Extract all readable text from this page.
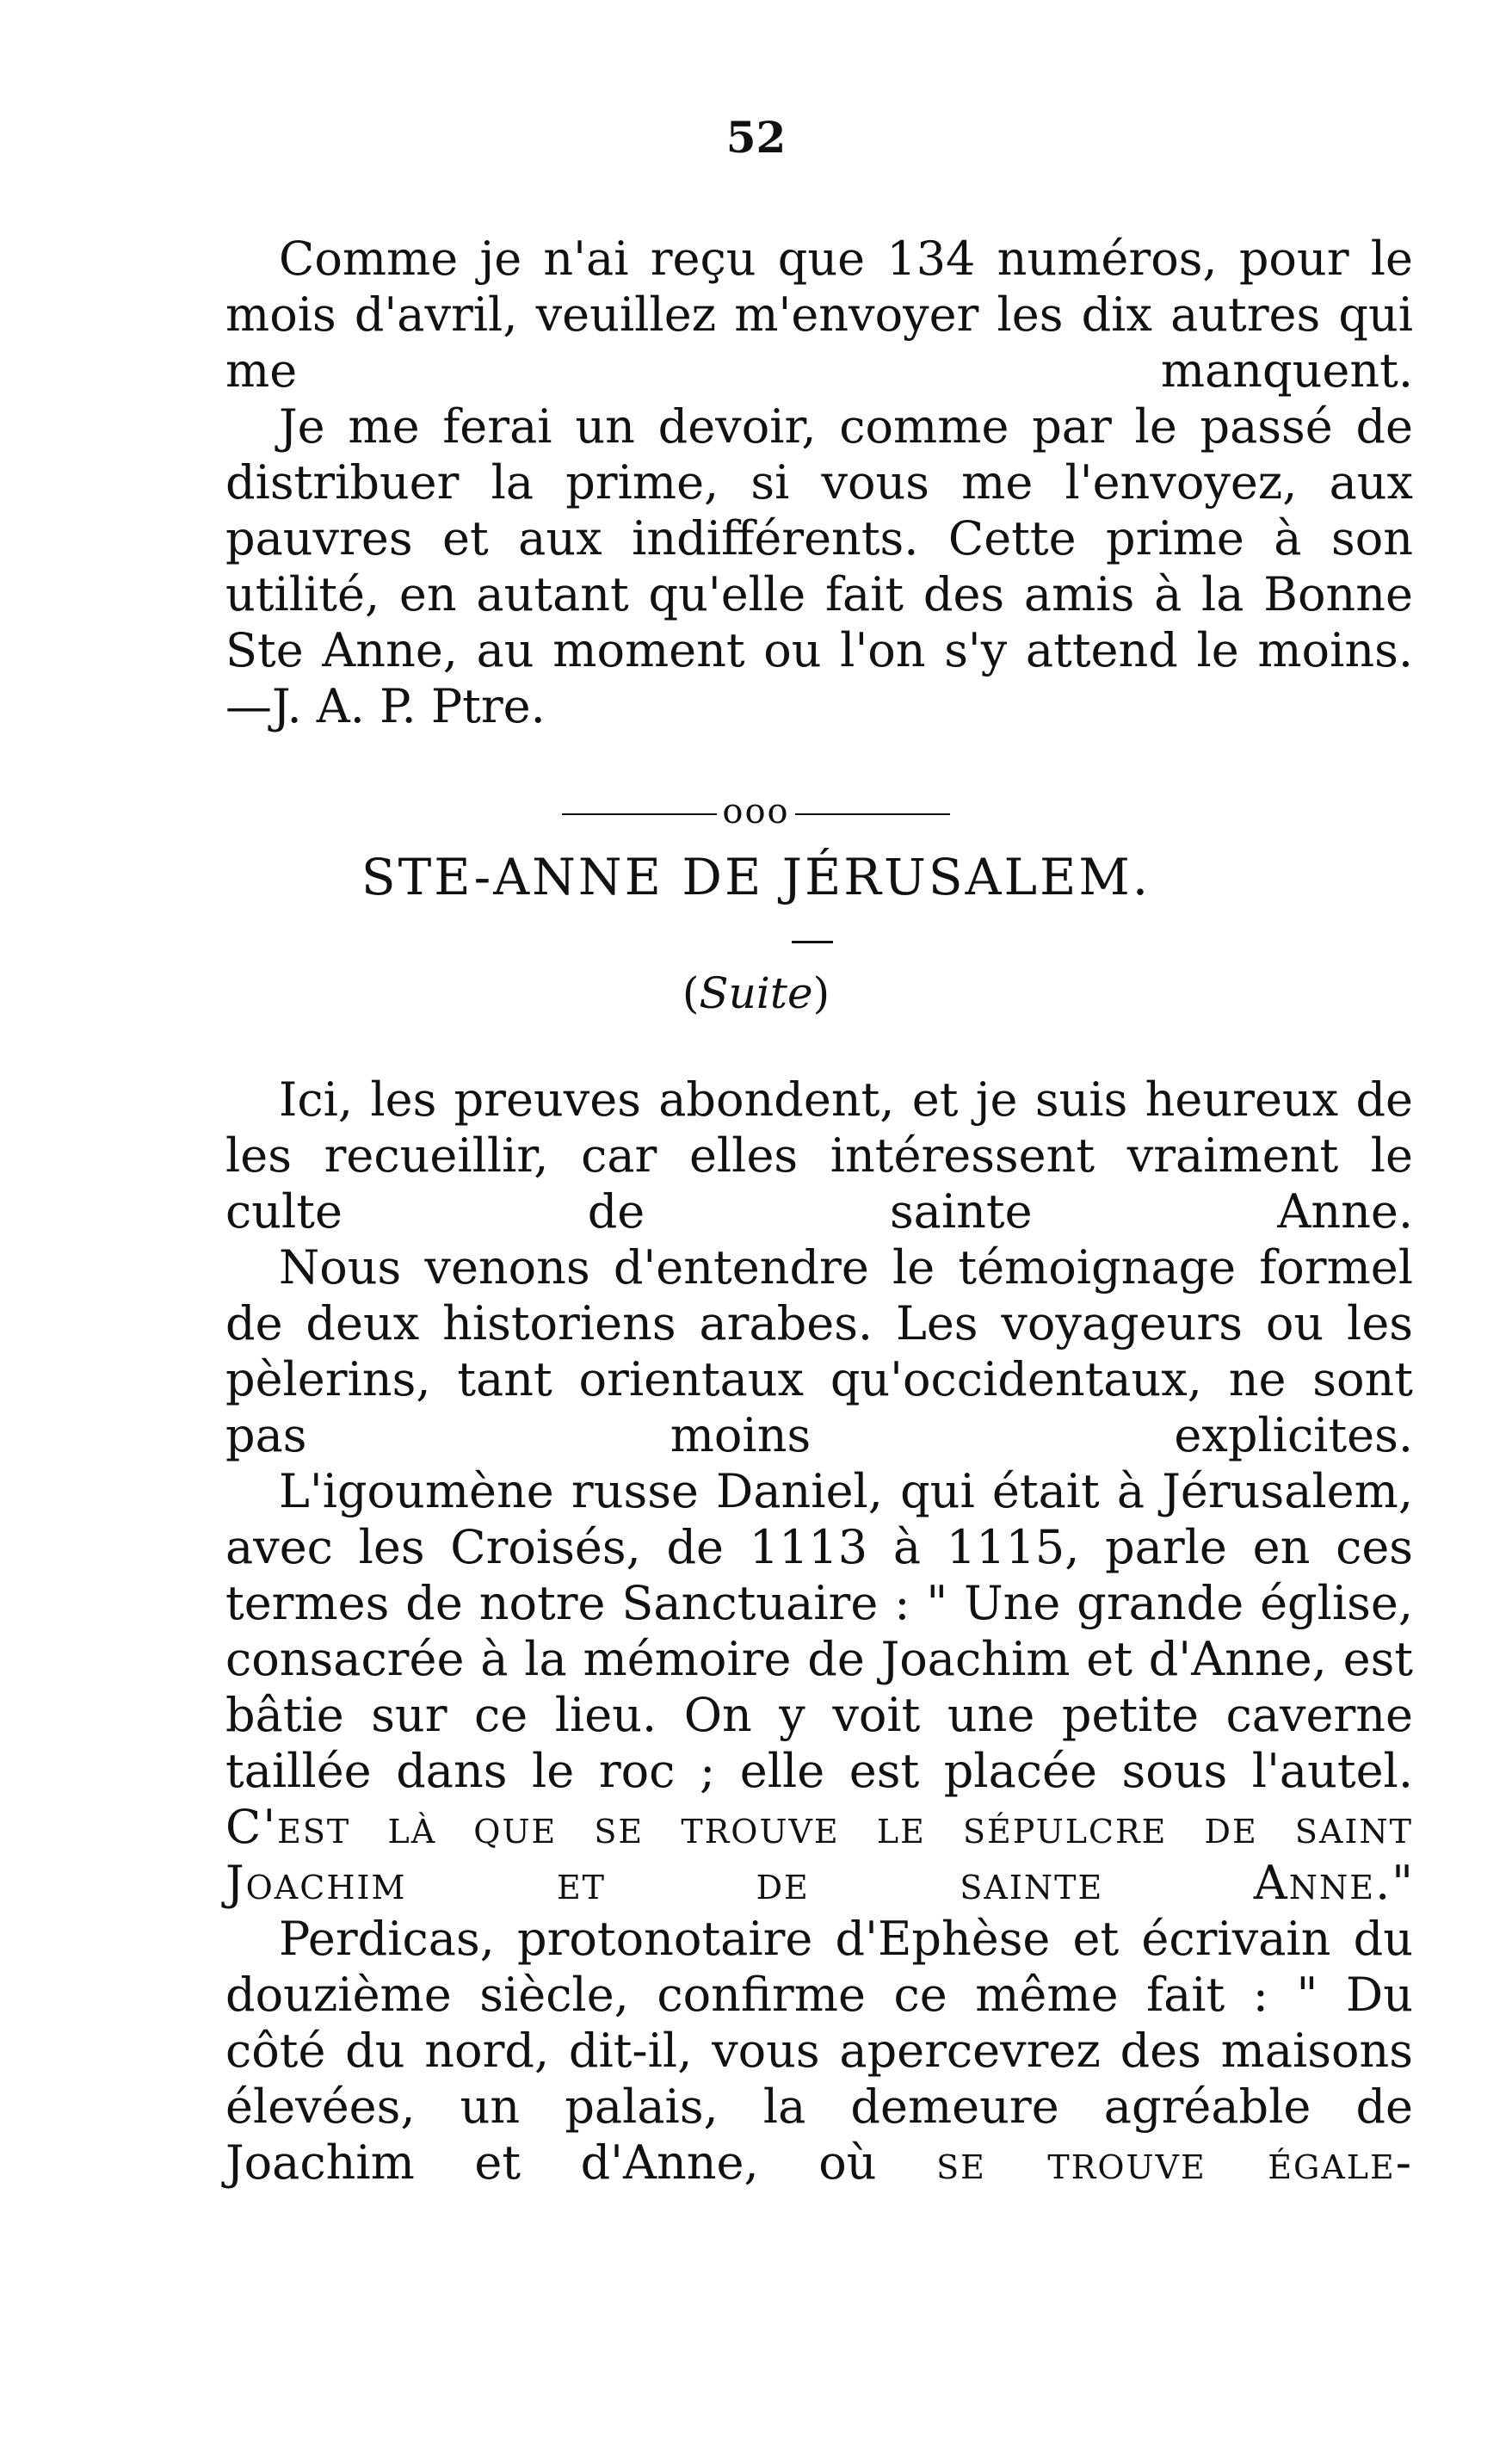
52

Comme je n'ai reçu que 134 numéros, pour le mois d'avril, veuillez m'envoyer les dix autres qui me manquent.

Je me ferai un devoir, comme par le passé de distribuer la prime, si vous me l'envoyez, aux pauvres et aux indifférents. Cette prime à son utilité, en autant qu'elle fait des amis à la Bonne Ste Anne, au moment ou l'on s'y attend le moins.—J. A. P. Ptre.

ooo
STE-ANNE DE JÉRUSALEM.
(Suite)

Ici, les preuves abondent, et je suis heureux de les recueillir, car elles intéressent vraiment le culte de sainte Anne.

Nous venons d'entendre le témoignage formel de deux historiens arabes. Les voyageurs ou les pèlerins, tant orientaux qu'occidentaux, ne sont pas moins explicites.

L'igoumène russe Daniel, qui était à Jérusalem, avec les Croisés, de 1113 à 1115, parle en ces termes de notre Sanctuaire : " Une grande église, consacrée à la mémoire de Joachim et d'Anne, est bâtie sur ce lieu. On y voit une petite caverne taillée dans le roc ; elle est placée sous l'autel. C'est là que se trouve le sépulcre de saint Joachim et de sainte Anne."

Perdicas, protonotaire d'Ephèse et écrivain du douzième siècle, confirme ce même fait : " Du côté du nord, dit-il, vous apercevrez des maisons élevées, un palais, la demeure agréable de Joachim et d'Anne, où se trouve égale-
